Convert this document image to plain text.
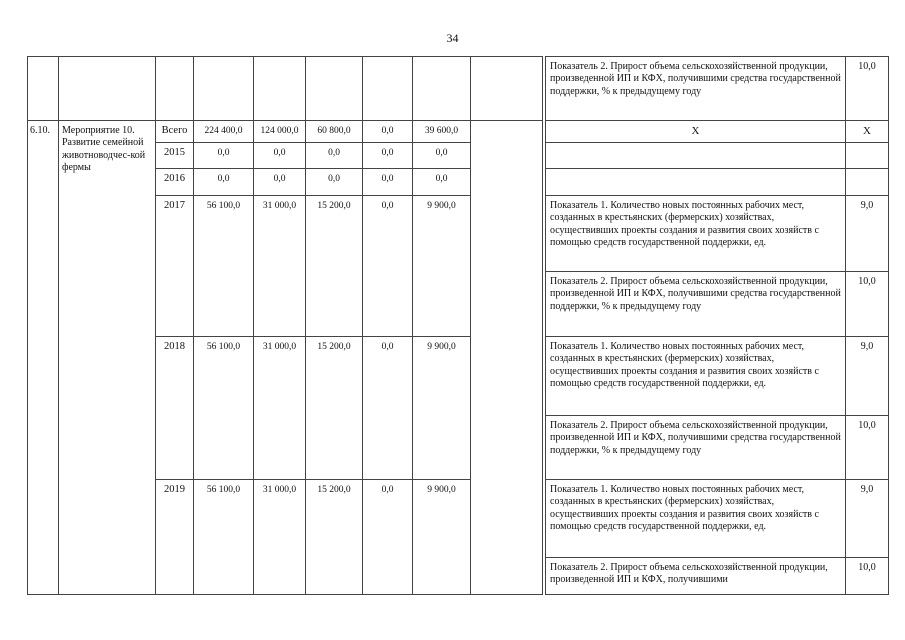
34
										Показатель 2. Прирост объема сельскохозяйственной продукции, произведенной ИП и КФХ, получившими средства государственной поддержки, % к предыдущему году	10,0
6.10.	Мероприятие 10. Развитие семейной животноводчес-кой фермы	Всего	224 400,0	124 000,0	60 800,0	0,0	39 600,0			Х	Х
		2015	0,0	0,0	0,0	0,0	0,0				
		2016	0,0	0,0	0,0	0,0	0,0				
		2017	56 100,0	31 000,0	15 200,0	0,0	9 900,0			Показатель 1. Количество новых постоянных рабочих мест, созданных в крестьянских (фермерских) хозяйствах, осуществивших проекты создания и развития своих хозяйств с помощью средств государственной поддержки, ед.	9,0
										Показатель 2. Прирост объема сельскохозяйственной продукции, произведенной ИП и КФХ, получившими средства государственной поддержки, % к предыдущему году	10,0
		2018	56 100,0	31 000,0	15 200,0	0,0	9 900,0			Показатель 1. Количество новых постоянных рабочих мест, созданных в крестьянских (фермерских) хозяйствах, осуществивших проекты создания и развития своих хозяйств с помощью средств государственной поддержки, ед.	9,0
										Показатель 2. Прирост объема сельскохозяйственной продукции, произведенной ИП и КФХ, получившими средства государственной поддержки, % к предыдущему году	10,0
		2019	56 100,0	31 000,0	15 200,0	0,0	9 900,0			Показатель 1. Количество новых постоянных рабочих мест, созданных в крестьянских (фермерских) хозяйствах, осуществивших проекты создания и развития своих хозяйств с помощью средств государственной поддержки, ед.	9,0
										Показатель 2. Прирост объема сельскохозяйственной продукции, произведенной ИП и КФХ, получившими	10,0
